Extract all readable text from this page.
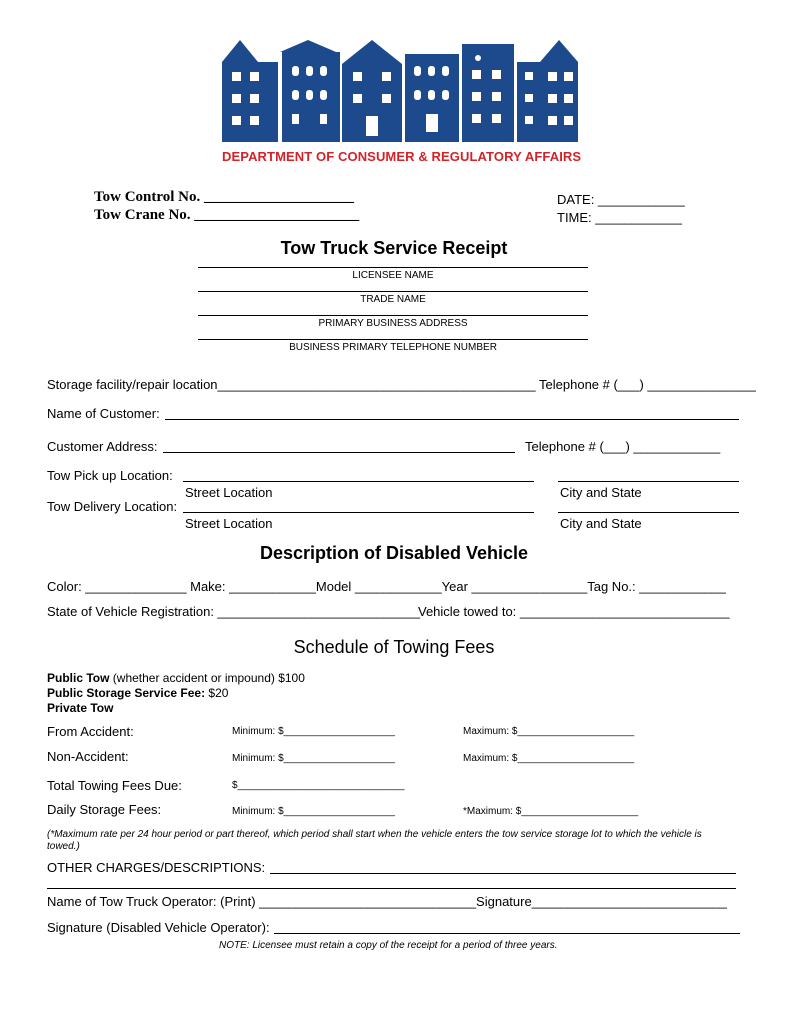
DEPARTMENT OF CONSUMER & REGULATORY AFFAIRS
Tow Control No. ____________________
Tow Crane No. ______________________
DATE: ____________
TIME: ____________
Tow Truck Service Receipt
LICENSEE NAME
TRADE NAME
PRIMARY BUSINESS ADDRESS
BUSINESS PRIMARY TELEPHONE NUMBER
Storage facility/repair location____________________________________________ Telephone # (___) _______________
Name of Customer:
Customer Address:	Telephone # (___) ____________
Tow Pick up Location:
Street Location	City and State
Tow Delivery Location:
Street Location	City and State
Description of Disabled Vehicle
Color: ______________ Make: ____________Model ____________Year ________________Tag No.: ____________
State of Vehicle Registration: ____________________________
Vehicle towed to: _____________________________
Schedule of Towing Fees
Public Tow (whether accident or impound) $100
Public Storage Service Fee: $20
Private Tow
From Accident:	Minimum: $____________________	Maximum: $_____________________
Non-Accident:	Minimum: $____________________	Maximum: $_____________________
Total Towing Fees Due:	$______________________________
Daily Storage Fees:	Minimum: $____________________	*Maximum: $_____________________
(*Maximum rate per 24 hour period or part thereof, which period shall start when the vehicle enters the tow service storage lot to which the vehicle is towed.)
OTHER CHARGES/DESCRIPTIONS:
Name of Tow Truck Operator: (Print) ______________________________Signature___________________________
Signature (Disabled Vehicle Operator):
NOTE: Licensee must retain a copy of the receipt for a period of three years.
